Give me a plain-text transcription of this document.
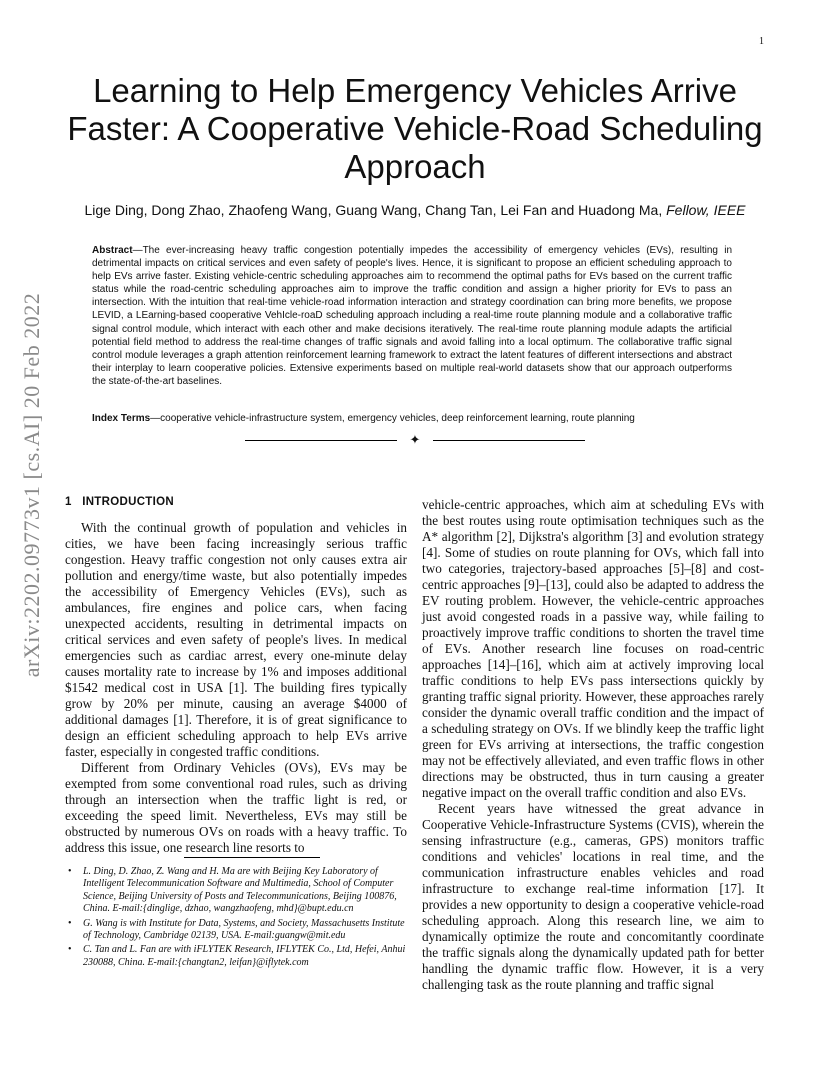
1
arXiv:2202.09773v1 [cs.AI] 20 Feb 2022
Learning to Help Emergency Vehicles Arrive Faster: A Cooperative Vehicle-Road Scheduling Approach
Lige Ding, Dong Zhao, Zhaofeng Wang, Guang Wang, Chang Tan, Lei Fan and Huadong Ma, Fellow, IEEE
Abstract—The ever-increasing heavy traffic congestion potentially impedes the accessibility of emergency vehicles (EVs), resulting in detrimental impacts on critical services and even safety of people's lives. Hence, it is significant to propose an efficient scheduling approach to help EVs arrive faster. Existing vehicle-centric scheduling approaches aim to recommend the optimal paths for EVs based on the current traffic status while the road-centric scheduling approaches aim to improve the traffic condition and assign a higher priority for EVs to pass an intersection. With the intuition that real-time vehicle-road information interaction and strategy coordination can bring more benefits, we propose LEVID, a LEarning-based cooperative VehIcle-roaD scheduling approach including a real-time route planning module and a collaborative traffic signal control module, which interact with each other and make decisions iteratively. The real-time route planning module adapts the artificial potential field method to address the real-time changes of traffic signals and avoid falling into a local optimum. The collaborative traffic signal control module leverages a graph attention reinforcement learning framework to extract the latent features of different intersections and abstract their interplay to learn cooperative policies. Extensive experiments based on multiple real-world datasets show that our approach outperforms the state-of-the-art baselines.
Index Terms—cooperative vehicle-infrastructure system, emergency vehicles, deep reinforcement learning, route planning
✦
1 INTRODUCTION

With the continual growth of population and vehicles in cities, we have been facing increasingly serious traffic congestion. Heavy traffic congestion not only causes extra air pollution and energy/time waste, but also potentially impedes the accessibility of Emergency Vehicles (EVs), such as ambulances, fire engines and police cars, when facing unexpected accidents, resulting in detrimental impacts on critical services and even safety of people's lives. In medical emergencies such as cardiac arrest, every one-minute delay causes mortality rate to increase by 1% and imposes additional $1542 medical cost in USA [1]. The building fires typically grow by 20% per minute, causing an average $4000 of additional damages [1]. Therefore, it is of great significance to design an efficient scheduling approach to help EVs arrive faster, especially in congested traffic conditions.

Different from Ordinary Vehicles (OVs), EVs may be exempted from some conventional road rules, such as driving through an intersection when the traffic light is red, or exceeding the speed limit. Nevertheless, EVs may still be obstructed by numerous OVs on roads with a heavy traffic. To address this issue, one research line resorts to

• L. Ding, D. Zhao, Z. Wang and H. Ma are with Beijing Key Laboratory of Intelligent Telecommunication Software and Multimedia, School of Computer Science, Beijing University of Posts and Telecommunications, Beijing 100876, China. E-mail:{dinglige, dzhao, wangzhaofeng, mhd}@bupt.edu.cn
• G. Wang is with Institute for Data, Systems, and Society, Massachusetts Institute of Technology, Cambridge 02139, USA. E-mail:guangw@mit.edu
• C. Tan and L. Fan are with iFLYTEK Research, IFLYTEK Co., Ltd, Hefei, Anhui 230088, China. E-mail:{changtan2, leifan}@iflytek.com

vehicle-centric approaches, which aim at scheduling EVs with the best routes using route optimisation techniques such as the A* algorithm [2], Dijkstra's algorithm [3] and evolution strategy [4]. Some of studies on route planning for OVs, which fall into two categories, trajectory-based approaches [5]–[8] and cost-centric approaches [9]–[13], could also be adapted to address the EV routing problem. However, the vehicle-centric approaches just avoid congested roads in a passive way, while failing to proactively improve traffic conditions to shorten the travel time of EVs. Another research line focuses on road-centric approaches [14]–[16], which aim at actively improving local traffic conditions to help EVs pass intersections quickly by granting traffic signal priority. However, these approaches rarely consider the dynamic overall traffic condition and the impact of a scheduling strategy on OVs. If we blindly keep the traffic light green for EVs arriving at intersections, the traffic congestion may not be effectively alleviated, and even traffic flows in other directions may be obstructed, thus in turn causing a greater negative impact on the overall traffic condition and also EVs.

Recent years have witnessed the great advance in Cooperative Vehicle-Infrastructure Systems (CVIS), wherein the sensing infrastructure (e.g., cameras, GPS) monitors traffic conditions and vehicles' locations in real time, and the communication infrastructure enables vehicles and road infrastructure to exchange real-time information [17]. It provides a new opportunity to design a cooperative vehicle-road scheduling approach. Along this research line, we aim to dynamically optimize the route and concomitantly coordinate the traffic signals along the dynamically updated path for better handling the dynamic traffic flow. However, it is a very challenging task as the route planning and traffic signal
